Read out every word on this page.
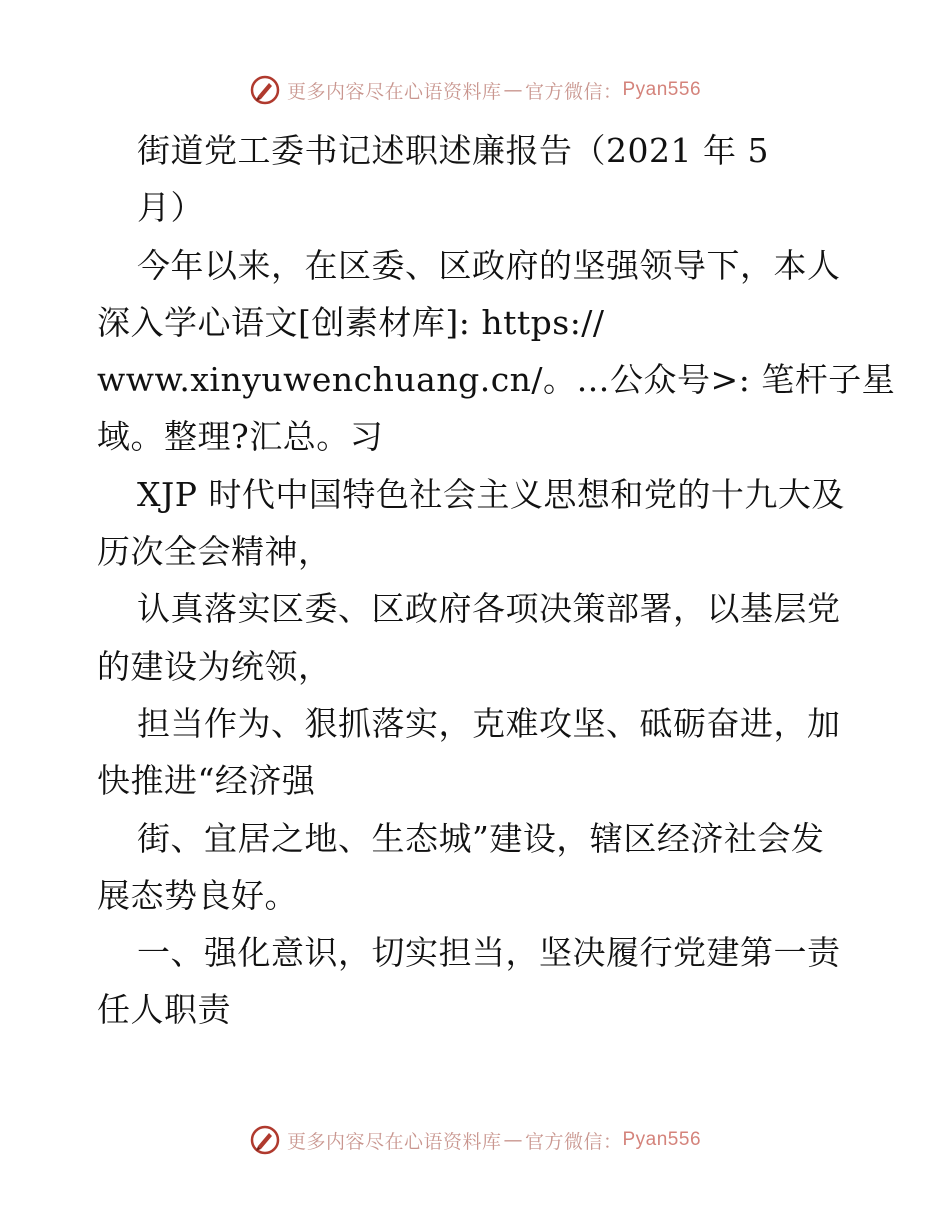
更多内容尽在心语资料库 — 官方微信： Pyan556
街道党工委书记述职述廉报告（2021 年 5
月）
今年以来，在区委、区政府的坚强领导下，本人
深入学心语文[创素材库]: https://
www.xinyuwenchuang.cn/。…公众号>: 笔杆子星
域。整理?汇总。习
XJP 时代中国特色社会主义思想和党的十九大及
历次全会精神，
认真落实区委、区政府各项决策部署，以基层党
的建设为统领，
担当作为、狠抓落实，克难攻坚、砥砺奋进，加
快推进“经济强
街、宜居之地、生态城”建设，辖区经济社会发
展态势良好。
一、强化意识，切实担当，坚决履行党建第一责
任人职责
更多内容尽在心语资料库 — 官方微信： Pyan556
